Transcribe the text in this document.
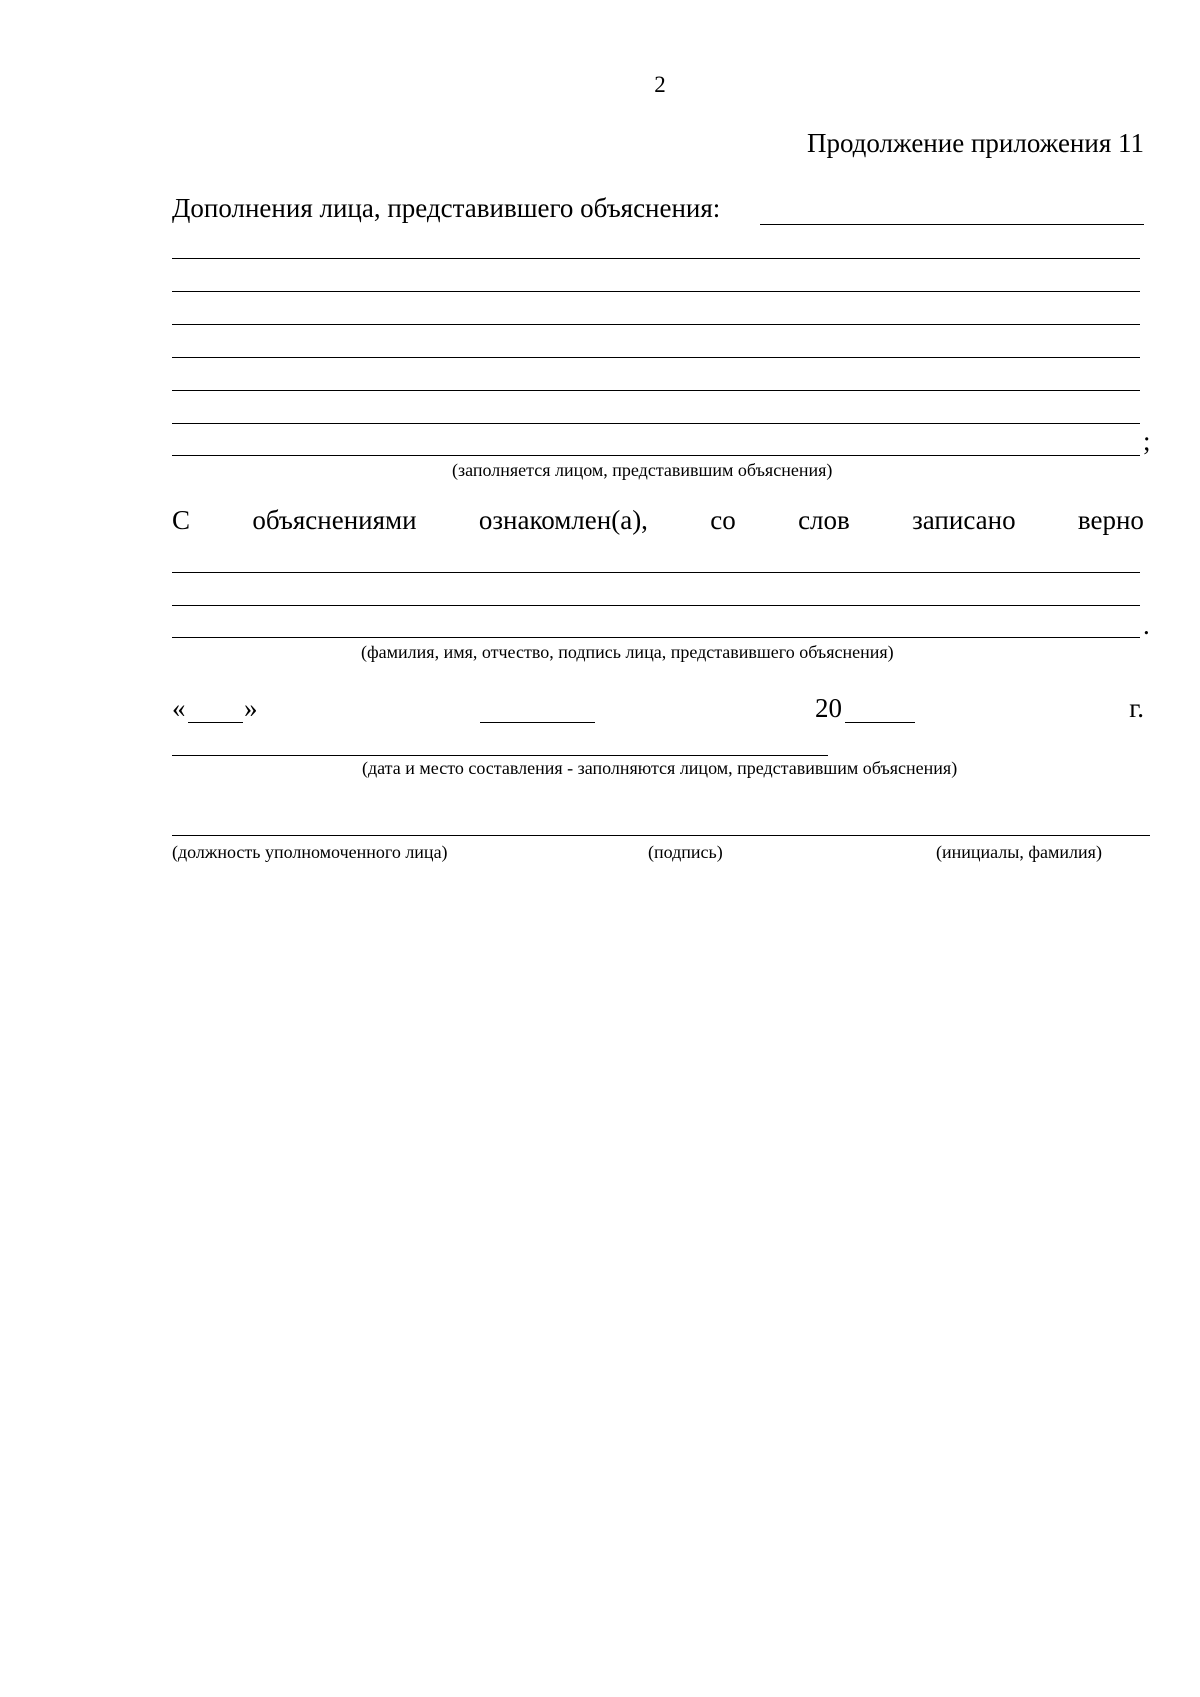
2
Продолжение приложения 11
Дополнения лица, представившего объяснения:
;
(заполняется лицом, представившим объяснения)
С объяснениями ознакомлен(а), со слов записано верно
.
(фамилия, имя, отчество, подпись лица, представившего объяснения)
« »	20	г.
(дата и место составления - заполняются лицом, представившим объяснения)
(должность уполномоченного лица)	(подпись)	(инициалы, фамилия)
